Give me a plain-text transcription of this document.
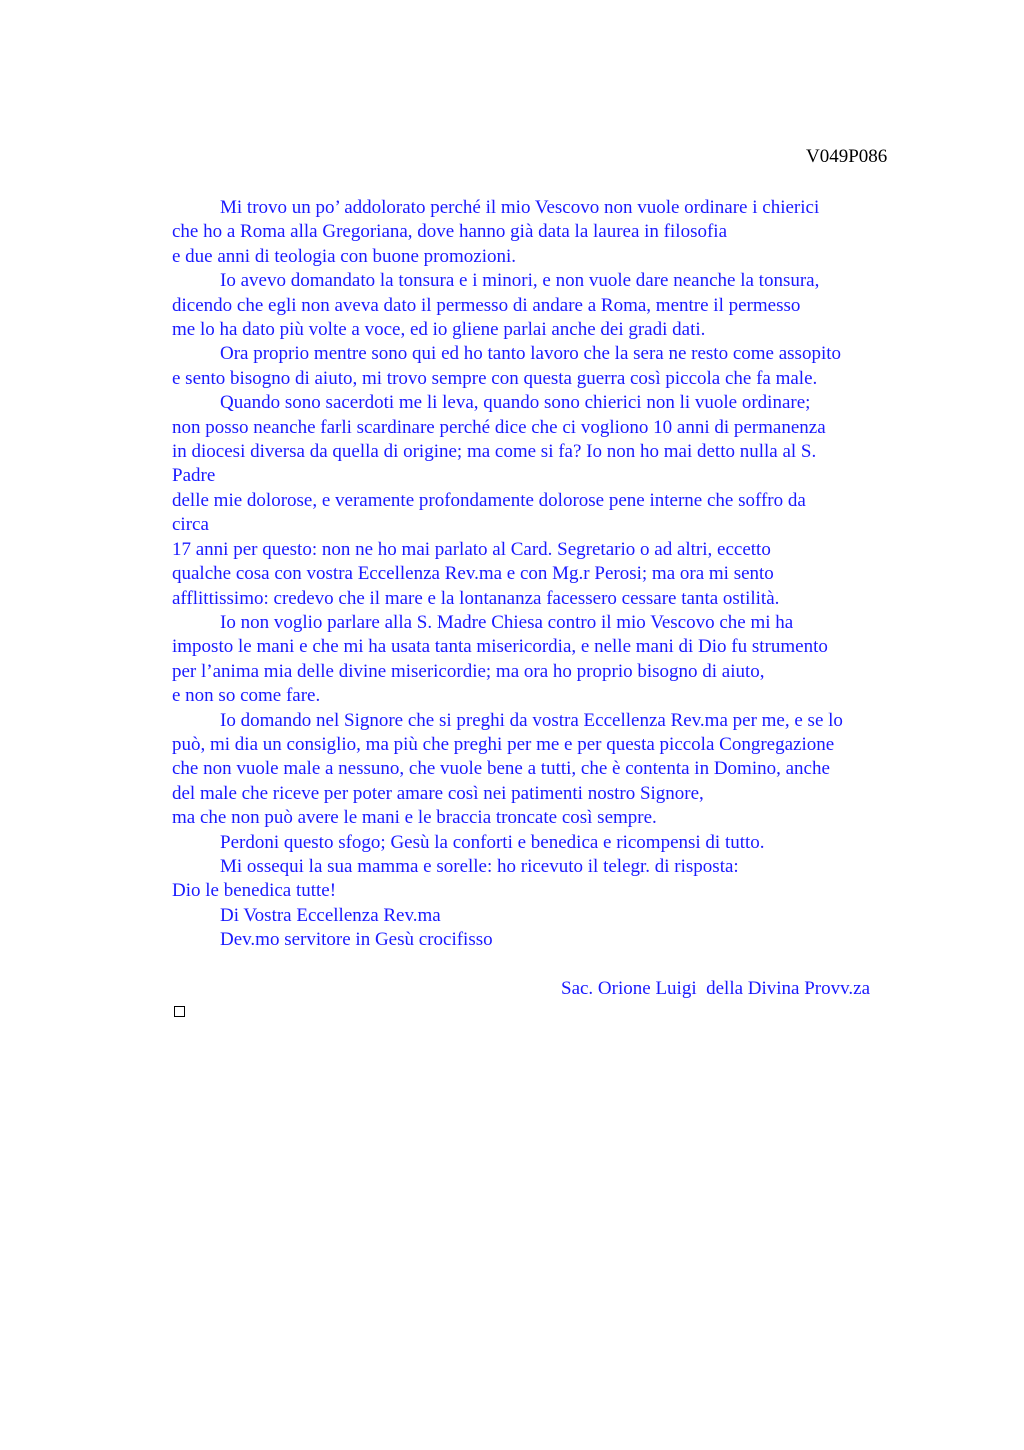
V049P086
Mi trovo un po’ addolorato perché il mio Vescovo non vuole ordinare i chierici
che ho a Roma alla Gregoriana, dove hanno già data la laurea in filosofia
e due anni di teologia con buone promozioni.
Io avevo domandato la tonsura e i minori, e non vuole dare neanche la tonsura,
dicendo che egli non aveva dato il permesso di andare a Roma, mentre il permesso
me lo ha dato più volte a voce, ed io gliene parlai anche dei gradi dati.
Ora proprio mentre sono qui ed ho tanto lavoro che la sera ne resto come assopito
e sento bisogno di aiuto, mi trovo sempre con questa guerra così piccola che fa male.
Quando sono sacerdoti me li leva, quando sono chierici non li vuole ordinare;
non posso neanche farli scardinare perché dice che ci vogliono 10 anni di permanenza
in diocesi diversa da quella di origine; ma come si fa? Io non ho mai detto nulla al S.
Padre
delle mie dolorose, e veramente profondamente dolorose pene interne che soffro da
circa
17 anni per questo: non ne ho mai parlato al Card. Segretario o ad altri, eccetto
qualche cosa con vostra Eccellenza Rev.ma e con Mg.r Perosi; ma ora mi sento
afflittissimo: credevo che il mare e la lontananza facessero cessare tanta ostilità.
Io non voglio parlare alla S. Madre Chiesa contro il mio Vescovo che mi ha
imposto le mani e che mi ha usata tanta misericordia, e nelle mani di Dio fu strumento
per l’anima mia delle divine misericordie; ma ora ho proprio bisogno di aiuto,
e non so come fare.
Io domando nel Signore che si preghi da vostra Eccellenza Rev.ma per me, e se lo
può, mi dia un consiglio, ma più che preghi per me e per questa piccola Congregazione
che non vuole male a nessuno, che vuole bene a tutti, che è contenta in Domino, anche
del male che riceve per poter amare così nei patimenti nostro Signore,
ma che non può avere le mani e le braccia troncate così sempre.
Perdoni questo sfogo; Gesù la conforti e benedica e ricompensi di tutto.
Mi ossequi la sua mamma e sorelle: ho ricevuto il telegr. di risposta:
Dio le benedica tutte!
Di Vostra Eccellenza Rev.ma
Dev.mo servitore in Gesù crocifisso
Sac. Orione Luigi  della Divina Provv.za
